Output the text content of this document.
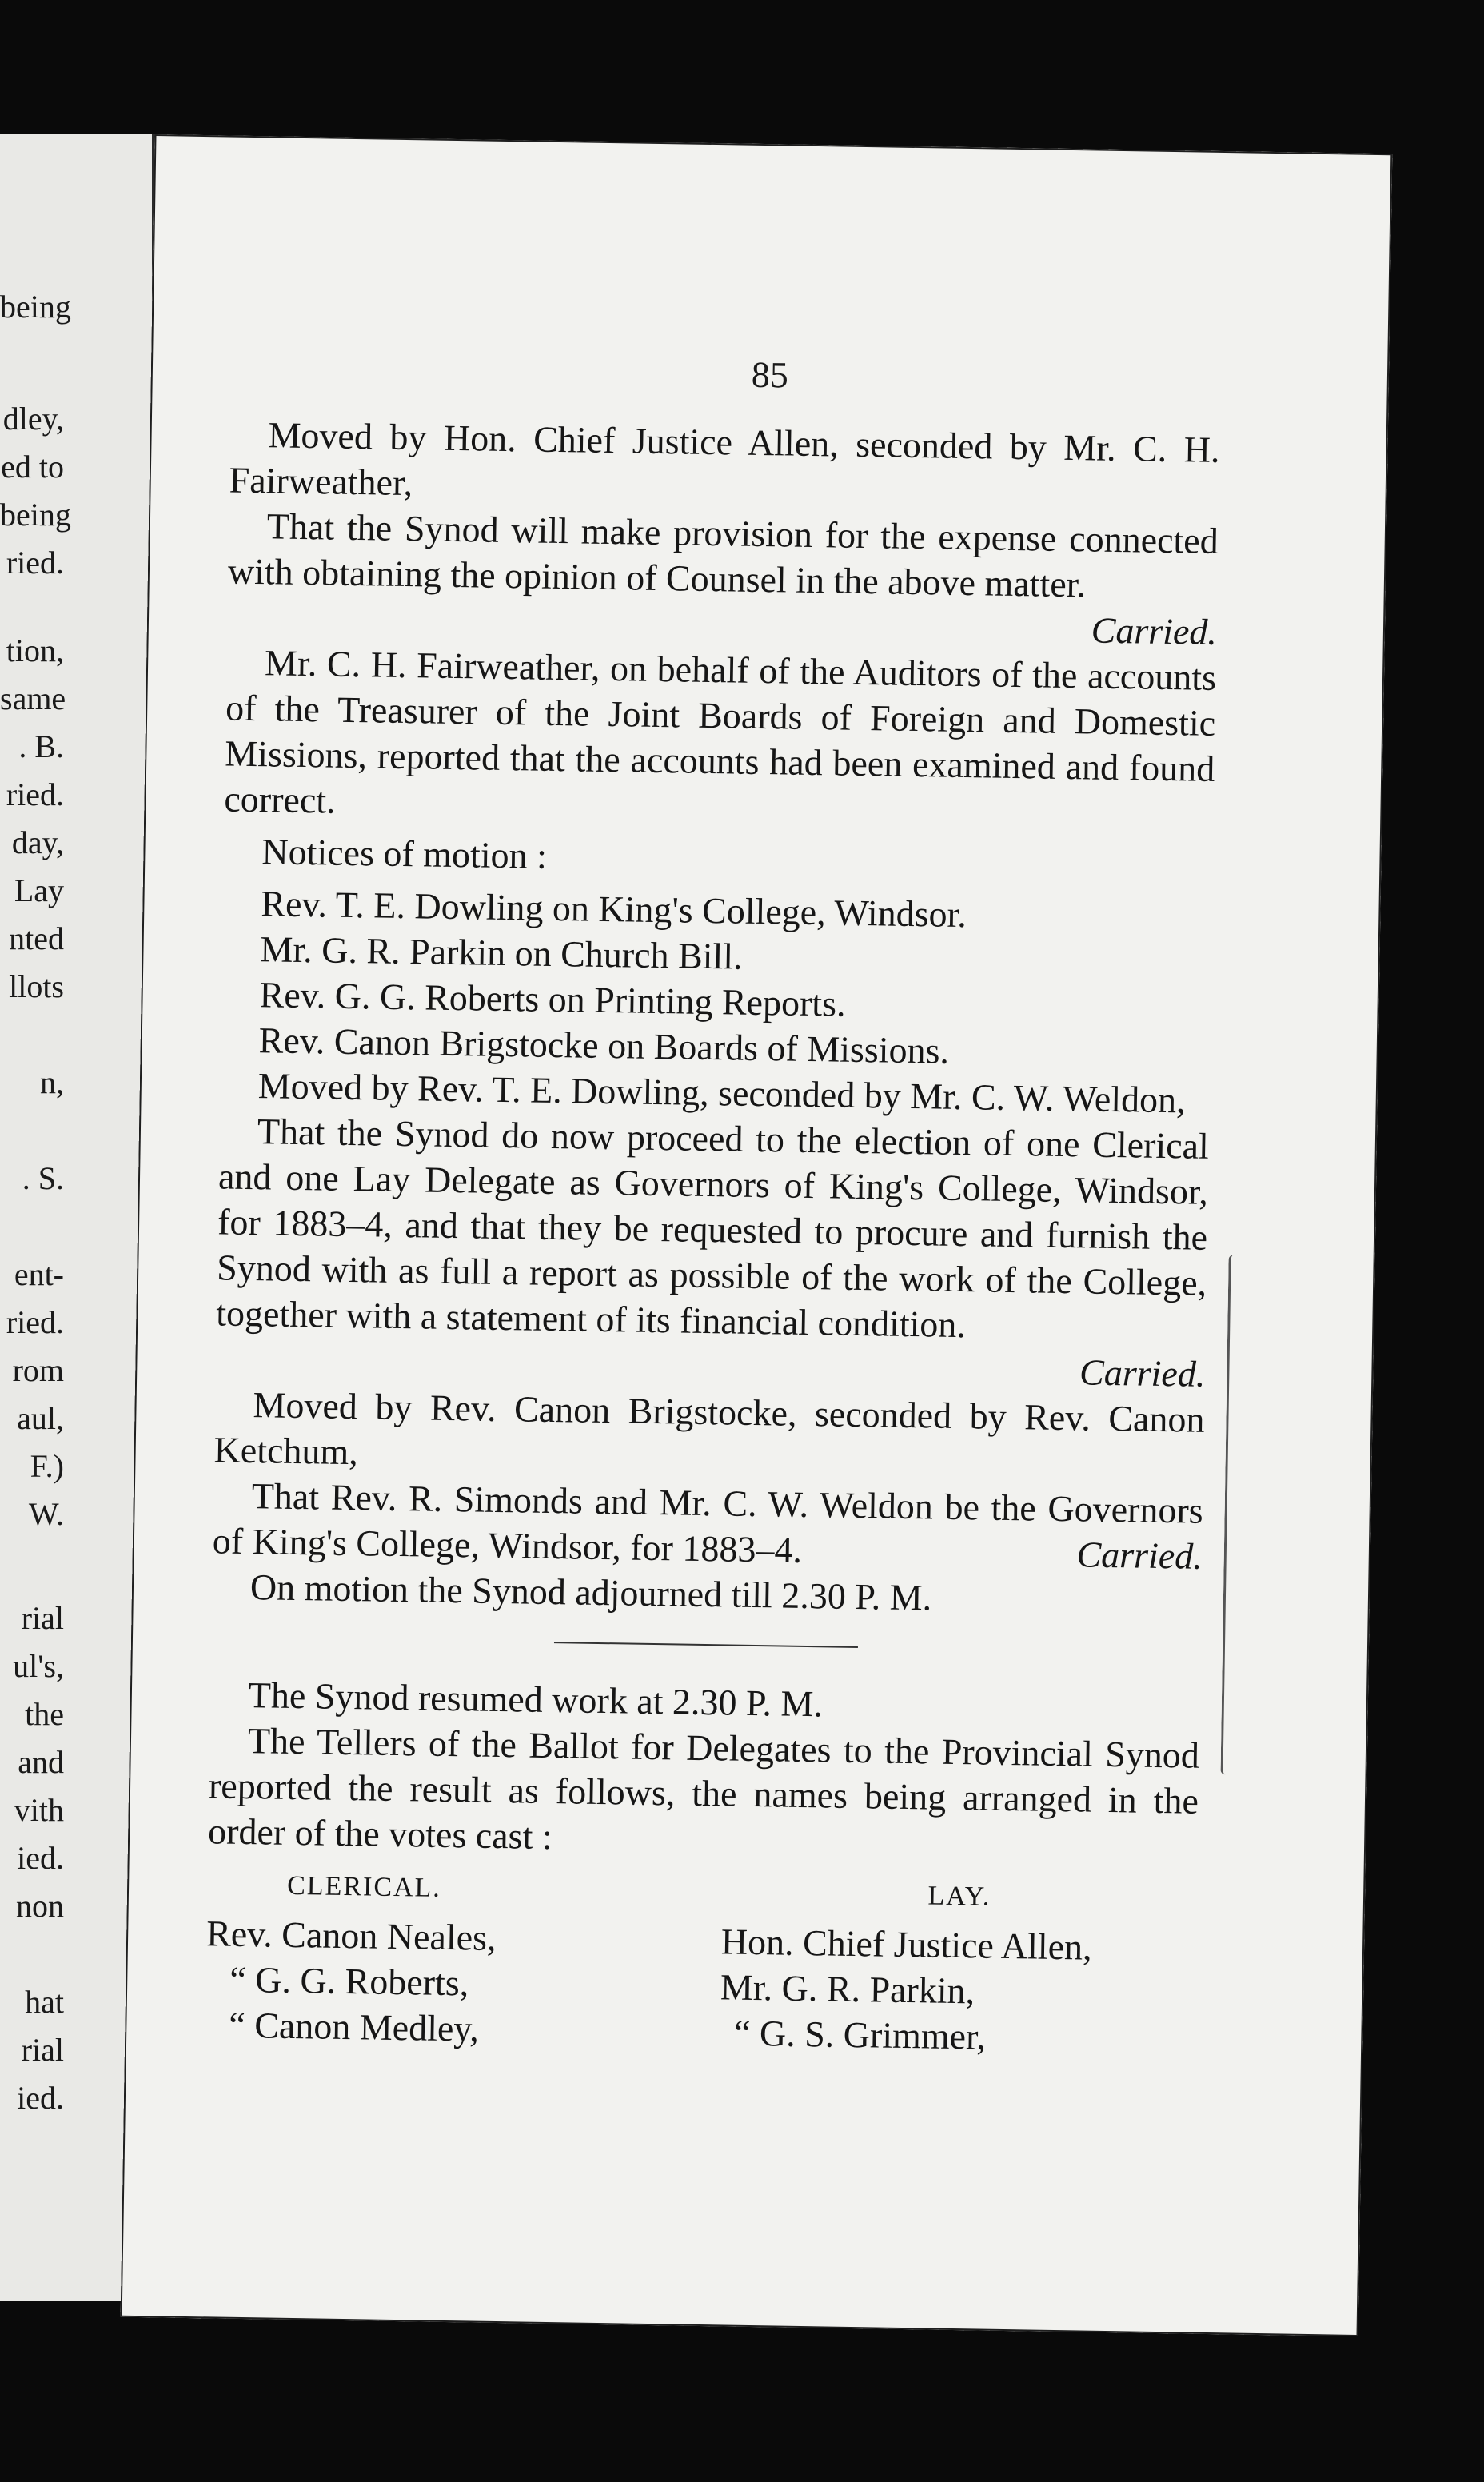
being
dley,
ed to
being
ried.
tion,
same
. B.
ried.
day,
Lay
nted
llots
n,
. S.
ent-
ried.
rom
aul,
F.)
W.
rial
ul's,
the
and
vith
ied.
non
hat
rial
ied.
85

Moved by Hon. Chief Justice Allen, seconded by Mr. C. H. Fairweather,

That the Synod will make provision for the expense connected with obtaining the opinion of Counsel in the above matter.

Carried.

Mr. C. H. Fairweather, on behalf of the Auditors of the accounts of the Treasurer of the Joint Boards of Foreign and Domestic Missions, reported that the accounts had been examined and found correct.

Notices of motion :

Rev. T. E. Dowling on King's College, Windsor.

Mr. G. R. Parkin on Church Bill.

Rev. G. G. Roberts on Printing Reports.

Rev. Canon Brigstocke on Boards of Missions.

Moved by Rev. T. E. Dowling, seconded by Mr. C. W. Weldon,

That the Synod do now proceed to the election of one Clerical and one Lay Delegate as Governors of King's College, Windsor, for 1883–4, and that they be requested to procure and furnish the Synod with as full a report as possible of the work of the College, together with a statement of its financial condition.

Carried.

Moved by Rev. Canon Brigstocke, seconded by Rev. Canon Ketchum,

That Rev. R. Simonds and Mr. C. W. Weldon be the Governors of King's College, Windsor, for 1883–4.	Carried.

On motion the Synod adjourned till 2.30 P. M.

The Synod resumed work at 2.30 P. M.

The Tellers of the Ballot for Delegates to the Provincial Synod reported the result as follows, the names being arranged in the order of the votes cast :

CLERICAL.
Rev. Canon Neales,
“ G. G. Roberts,
“ Canon Medley,
LAY.
Hon. Chief Justice Allen,
Mr. G. R. Parkin,
“ G. S. Grimmer,
